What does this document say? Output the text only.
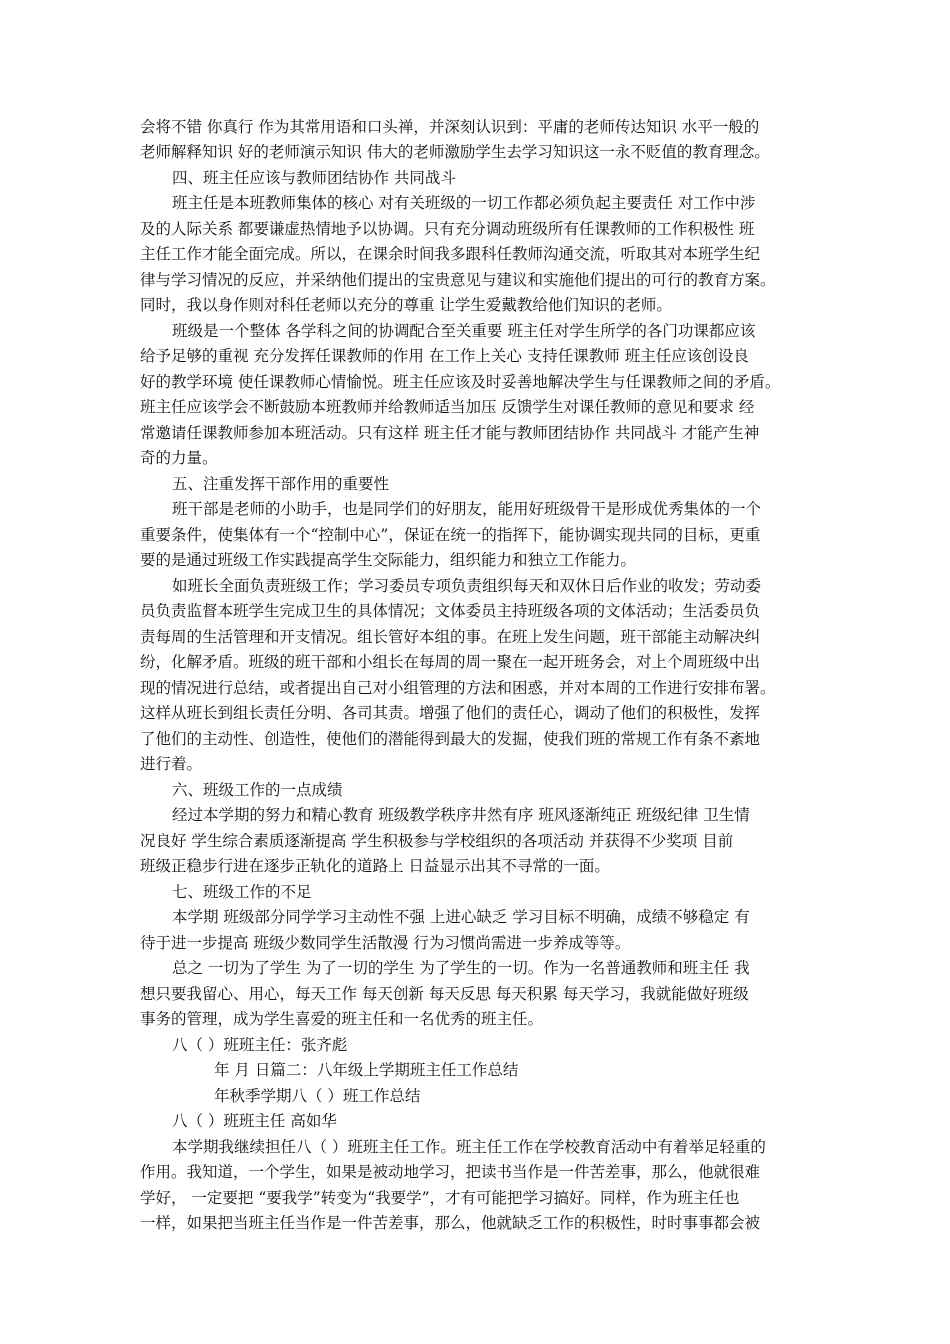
会将不错 你真行 作为其常用语和口头禅，并深刻认识到：平庸的老师传达知识 水平一般的
老师解释知识 好的老师演示知识 伟大的老师激励学生去学习知识这一永不贬值的教育理念。
四、班主任应该与教师团结协作 共同战斗
班主任是本班教师集体的核心 对有关班级的一切工作都必须负起主要责任 对工作中涉
及的人际关系 都要谦虚热情地予以协调。只有充分调动班级所有任课教师的工作积极性 班
主任工作才能全面完成。所以，在课余时间我多跟科任教师沟通交流，听取其对本班学生纪
律与学习情况的反应，并采纳他们提出的宝贵意见与建议和实施他们提出的可行的教育方案。
同时，我以身作则对科任老师以充分的尊重 让学生爱戴教给他们知识的老师。
班级是一个整体 各学科之间的协调配合至关重要 班主任对学生所学的各门功课都应该
给予足够的重视 充分发挥任课教师的作用 在工作上关心 支持任课教师 班主任应该创设良
好的教学环境 使任课教师心情愉悦。班主任应该及时妥善地解决学生与任课教师之间的矛盾。
班主任应该学会不断鼓励本班教师并给教师适当加压 反馈学生对课任教师的意见和要求 经
常邀请任课教师参加本班活动。只有这样 班主任才能与教师团结协作 共同战斗 才能产生神
奇的力量。
五、注重发挥干部作用的重要性
班干部是老师的小助手，也是同学们的好朋友，能用好班级骨干是形成优秀集体的一个
重要条件，使集体有一个“控制中心”，保证在统一的指挥下，能协调实现共同的目标，更重
要的是通过班级工作实践提高学生交际能力，组织能力和独立工作能力。
如班长全面负责班级工作；学习委员专项负责组织每天和双休日后作业的收发；劳动委
员负责监督本班学生完成卫生的具体情况；文体委员主持班级各项的文体活动；生活委员负
责每周的生活管理和开支情况。组长管好本组的事。在班上发生问题，班干部能主动解决纠
纷，化解矛盾。班级的班干部和小组长在每周的周一聚在一起开班务会，对上个周班级中出
现的情况进行总结，或者提出自己对小组管理的方法和困惑，并对本周的工作进行安排布署。
这样从班长到组长责任分明、各司其责。增强了他们的责任心，调动了他们的积极性，发挥
了他们的主动性、创造性，使他们的潜能得到最大的发掘，使我们班的常规工作有条不紊地
进行着。
六、班级工作的一点成绩
经过本学期的努力和精心教育 班级教学秩序井然有序 班风逐渐纯正 班级纪律 卫生情
况良好 学生综合素质逐渐提高 学生积极参与学校组织的各项活动 并获得不少奖项 目前
班级正稳步行进在逐步正轨化的道路上 日益显示出其不寻常的一面。
七、班级工作的不足
本学期 班级部分同学学习主动性不强 上进心缺乏 学习目标不明确，成绩不够稳定 有
待于进一步提高 班级少数同学生活散漫 行为习惯尚需进一步养成等等。
总之 一切为了学生 为了一切的学生 为了学生的一切。作为一名普通教师和班主任 我
想只要我留心、用心，每天工作 每天创新 每天反思 每天积累 每天学习，我就能做好班级
事务的管理，成为学生喜爱的班主任和一名优秀的班主任。
八（ ）班班主任：张齐彪
年 月 日篇二：八年级上学期班主任工作总结
年秋季学期八（ ）班工作总结
八（ ）班班主任 高如华
本学期我继续担任八（ ）班班主任工作。班主任工作在学校教育活动中有着举足轻重的
作用。我知道，一个学生，如果是被动地学习，把读书当作是一件苦差事，那么，他就很难
学好， 一定要把 “要我学”转变为“我要学”，才有可能把学习搞好。同样，作为班主任也
一样，如果把当班主任当作是一件苦差事，那么，他就缺乏工作的积极性，时时事事都会被
